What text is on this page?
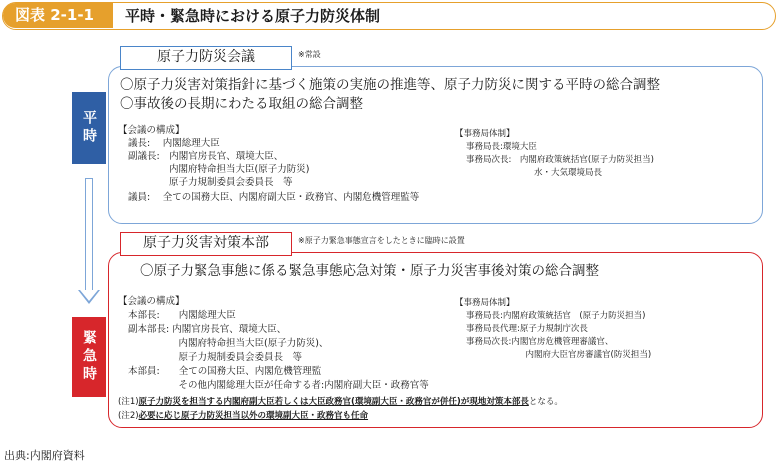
図表 2-1-1	平時・緊急時における原子力防災体制
平時
緊急時
原子力防災会議	※常設
〇原子力災害対策指針に基づく施策の実施の推進等、原子力防災に関する平時の総合調整
〇事故後の長期にわたる取組の総合調整
【会議の構成】
議長:　 内閣総理大臣
副議長:　内閣官房長官、環境大臣、
　　　　 内閣府特命担当大臣(原子力防災)
　　　　 原子力規制委員会委員長　等
議員:　 全ての国務大臣、内閣府副大臣・政務官、内閣危機管理監等
【事務局体制】
事務局長:環境大臣
事務局次長:　内閣府政策統括官(原子力防災担当)
　　　　　　　　水・大気環境局長
原子力災害対策本部	※原子力緊急事態宣言をしたときに臨時に設置
〇原子力緊急事態に係る緊急事態応急対策・原子力災害事後対策の総合調整
【会議の構成】
本部長:　　内閣総理大臣
副本部長: 内閣官房長官、環境大臣、
　　　　　 内閣府特命担当大臣(原子力防災)、
　　　　　 原子力規制委員会委員長　等
本部員:　　全ての国務大臣、内閣危機管理監
　　　　　 その他内閣総理大臣が任命する者:内閣府副大臣・政務官等
【事務局体制】
事務局長:内閣府政策統括官　(原子力防災担当)
事務局長代理:原子力規制庁次長
事務局次長:内閣官房危機管理審議官、
　　　　　　　内閣府大臣官房審議官(防災担当)
(注1)原子力防災を担当する内閣府副大臣若しくは大臣政務官(環境副大臣・政務官が併任)が現地対策本部長となる。
(注2)必要に応じ原子力防災担当以外の環境副大臣・政務官も任命
出典:内閣府資料
